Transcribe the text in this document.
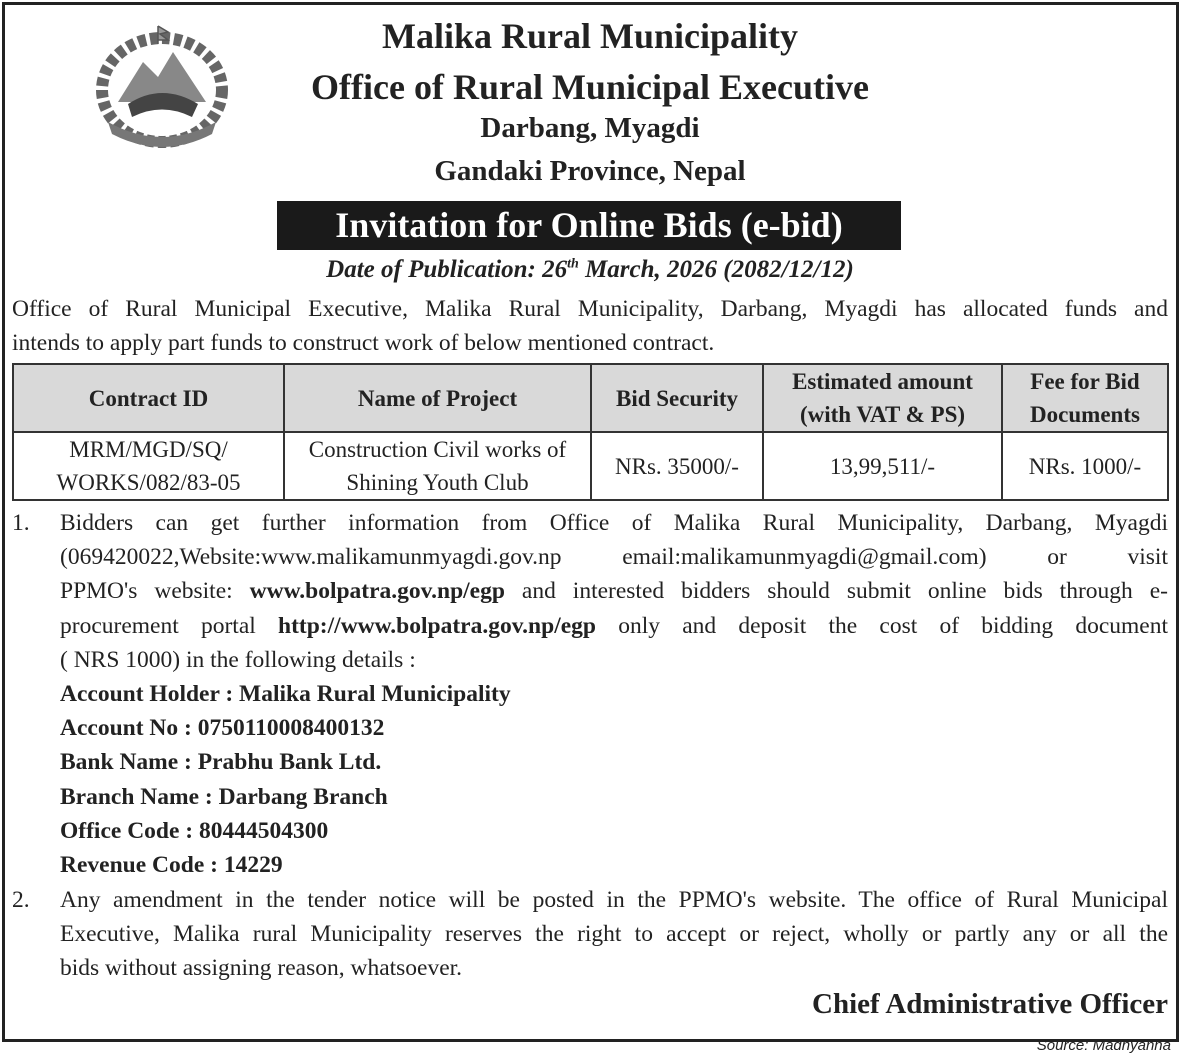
Malika Rural Municipality
Office of Rural Municipal Executive
Darbang, Myagdi
Gandaki Province, Nepal
Invitation for Online Bids (e-bid)
Date of Publication: 26th March, 2026 (2082/12/12)
Office of Rural Municipal Executive, Malika Rural Municipality, Darbang, Myagdi has allocated funds and
intends to apply part funds to construct work of below mentioned contract.
Contract ID	Name of Project	Bid Security	Estimated amount (with VAT & PS)	Fee for Bid Documents
MRM/MGD/SQ/ WORKS/082/83-05	Construction Civil works of Shining Youth Club	NRs. 35000/-	13,99,511/-	NRs. 1000/-
1. Bidders can get further information from Office of Malika Rural Municipality, Darbang, Myagdi
(069420022,Website:www.malikamunmyagdi.gov.np email:malikamunmyagdi@gmail.com) or visit
PPMO's website: www.bolpatra.gov.np/egp and interested bidders should submit online bids through e-
procurement portal http://www.bolpatra.gov.np/egp only and deposit the cost of bidding document
( NRS 1000) in the following details :
Account Holder : Malika Rural Municipality
Account No : 0750110008400132
Bank Name : Prabhu Bank Ltd.
Branch Name : Darbang Branch
Office Code : 80444504300
Revenue Code : 14229
2. Any amendment in the tender notice will be posted in the PPMO's website. The office of Rural Municipal
Executive, Malika rural Municipality reserves the right to accept or reject, wholly or partly any or all the
bids without assigning reason, whatsoever.
Chief Administrative Officer
Source: Madhyanha
